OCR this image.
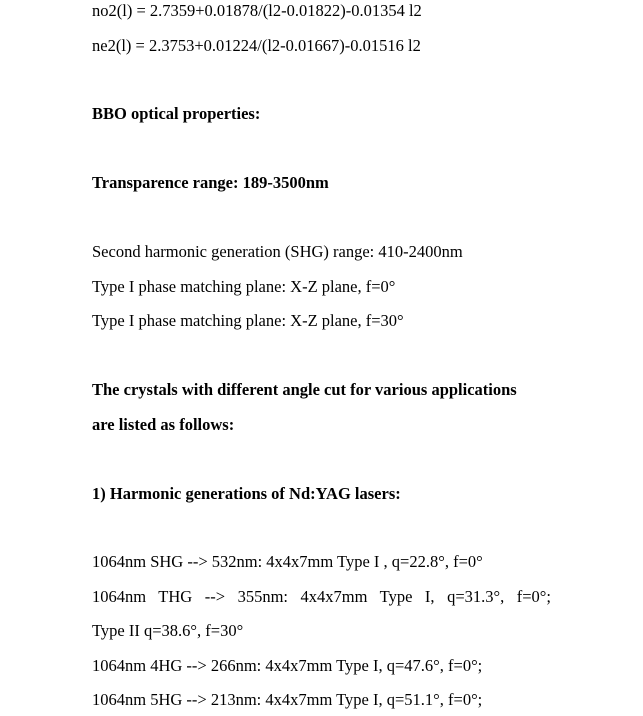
no2(l) = 2.7359+0.01878/(l2-0.01822)-0.01354 l2
ne2(l) = 2.3753+0.01224/(l2-0.01667)-0.01516 l2
BBO optical properties:
Transparence range: 189-3500nm
Second harmonic generation (SHG) range: 410-2400nm
Type I phase matching plane: X-Z plane, f=0°
Type I phase matching plane: X-Z plane, f=30°
The crystals with different angle cut for various applications
are listed as follows:
1) Harmonic generations of Nd:YAG lasers:
1064nm SHG --> 532nm: 4x4x7mm Type I , q=22.8°, f=0°
1064nm THG --> 355nm: 4x4x7mm Type I, q=31.3°, f=0°;
Type II q=38.6°, f=30°
1064nm 4HG --> 266nm: 4x4x7mm Type I, q=47.6°, f=0°;
1064nm 5HG --> 213nm: 4x4x7mm Type I, q=51.1°, f=0°;
